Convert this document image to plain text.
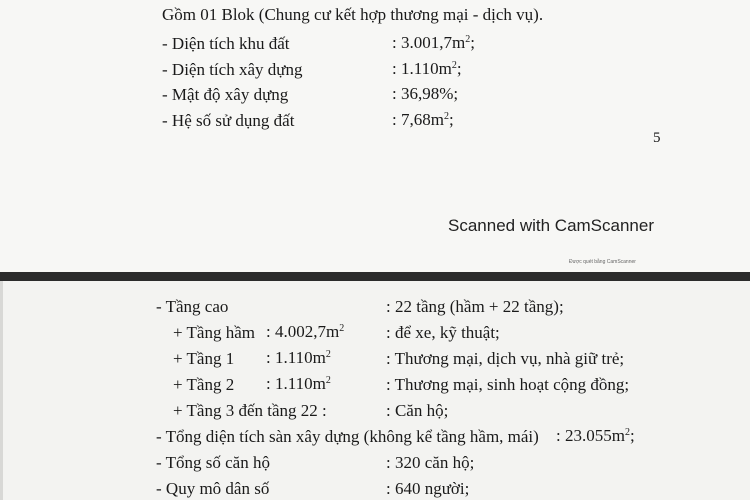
Gồm 01 Blok (Chung cư kết hợp thương mại - dịch vụ).
- Diện tích khu đất	: $3.001,7m^2$;
- Diện tích xây dựng	: $1.110m^2$;
- Mật độ xây dựng	: 36,98%;
- Hệ số sử dụng đất	: $7,68m^2$;
5
Scanned with CamScanner
Được quét bằng CamScanner
- Tầng cao	: 22 tầng (hầm + 22 tầng);
+ Tầng hầm : $4.002,7m^2$ : để xe, kỹ thuật;
+ Tầng 1 : $1.110m^2$	: Thương mại, dịch vụ, nhà giữ trẻ;
+ Tầng 2 : $1.110m^2$	: Thương mại, sinh hoạt cộng đồng;
+ Tầng 3 đến tầng 22 :	: Căn hộ;
- Tổng diện tích sàn xây dựng (không kể tầng hầm, mái) : $23.055m^2$;
- Tổng số căn hộ	: 320 căn hộ;
- Quy mô dân số	: 640 người;
